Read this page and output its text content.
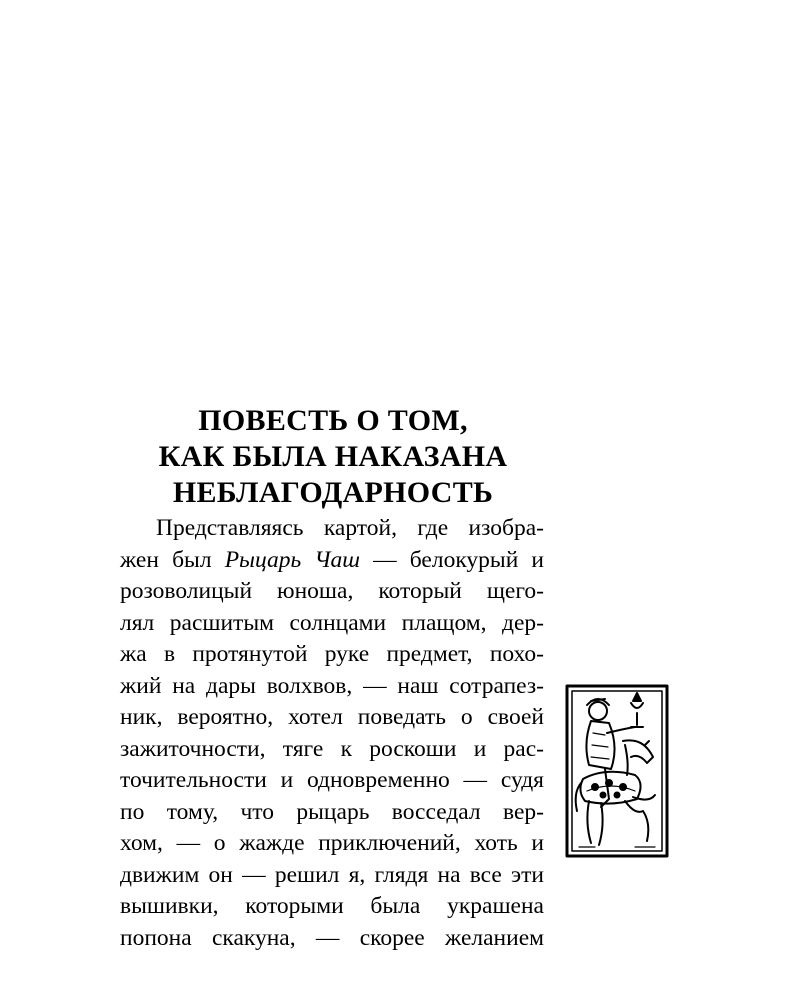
ПОВЕСТЬ О ТОМ,
КАК БЫЛА НАКАЗАНА
НЕБЛАГОДАРНОСТЬ
Представляясь картой, где изобра-
жен был Рыцарь Чаш — белокурый и
розоволицый юноша, который щего-
лял расшитым солнцами плащом, дер-
жа в протянутой руке предмет, похо-
жий на дары волхвов, — наш сотрапез-
ник, вероятно, хотел поведать о своей
зажиточности, тяге к роскоши и рас-
точительности и одновременно — судя
по тому, что рыцарь восседал вер-
хом, — о жажде приключений, хоть и
движим он — решил я, глядя на все эти
вышивки, которыми была украшена
попона скакуна, — скорее желанием
